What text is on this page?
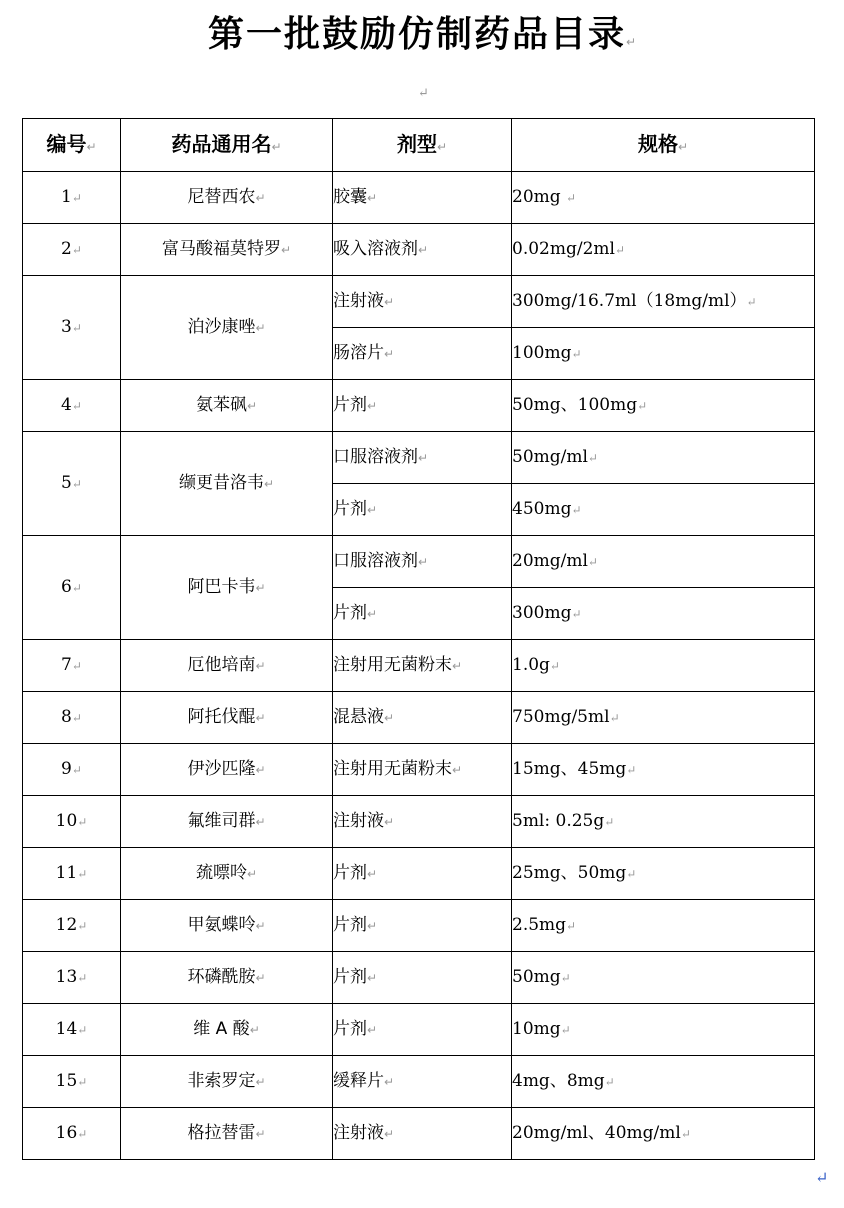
第一批鼓励仿制药品目录↵
↵
编号↵	药品通用名↵	剂型↵	规格↵
1↵	尼替西农↵	胶囊↵	20mg ↵
2↵	富马酸福莫特罗↵	吸入溶液剂↵	0.02mg/2ml↵
3↵	泊沙康唑↵	注射液↵	300mg/16.7ml（18mg/ml）↵
		肠溶片↵	100mg↵
4↵	氨苯砜↵	片剂↵	50mg、100mg↵
5↵	缬更昔洛韦↵	口服溶液剂↵	50mg/ml↵
		片剂↵	450mg↵
6↵	阿巴卡韦↵	口服溶液剂↵	20mg/ml↵
		片剂↵	300mg↵
7↵	厄他培南↵	注射用无菌粉末↵	1.0g↵
8↵	阿托伐醌↵	混悬液↵	750mg/5ml↵
9↵	伊沙匹隆↵	注射用无菌粉末↵	15mg、45mg↵
10↵	氟维司群↵	注射液↵	5ml: 0.25g↵
11↵	巯嘌呤↵	片剂↵	25mg、50mg↵
12↵	甲氨蝶呤↵	片剂↵	2.5mg↵
13↵	环磷酰胺↵	片剂↵	50mg↵
14↵	维 A 酸↵	片剂↵	10mg↵
15↵	非索罗定↵	缓释片↵	4mg、8mg↵
16↵	格拉替雷↵	注射液↵	20mg/ml、40mg/ml↵
↵
